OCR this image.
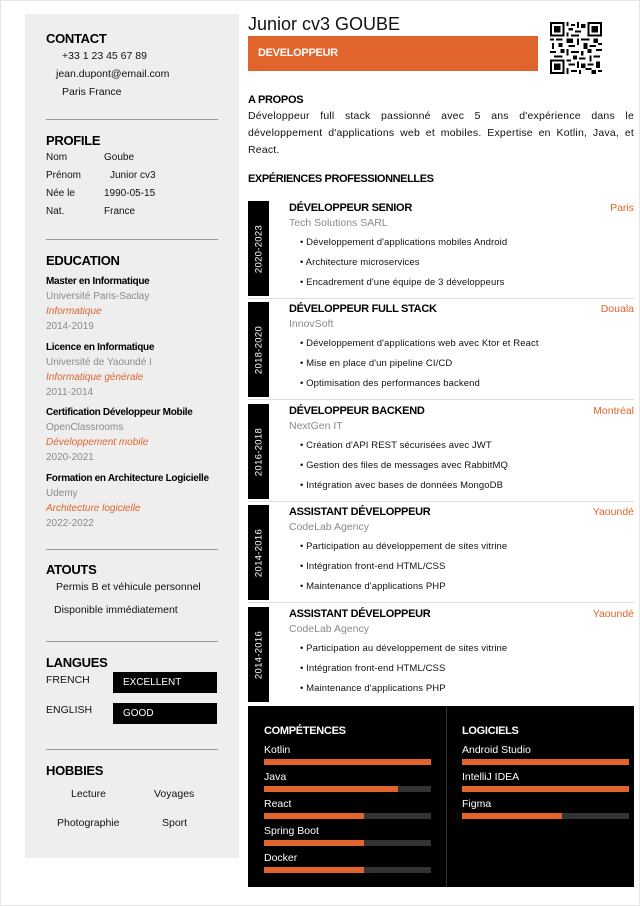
CONTACT
+33 1 23 45 67 89
jean.dupont@email.com
Paris France
PROFILE
Nom	Goube
Prénom	Junior cv3
Née le	1990-05-15
Nat.	France
EDUCATION
Master en Informatique
Université Paris-Saclay
Informatique
2014-2019
Licence en Informatique
Université de Yaoundé I
Informatique générale
2011-2014
Certification Développeur Mobile
OpenClassrooms
Développement mobile
2020-2021
Formation en Architecture Logicielle
Udemy
Architecture logicielle
2022-2022
ATOUTS
Permis B et véhicule personnel
Disponible immédiatement
LANGUES
FRENCH	EXCELLENT
ENGLISH	GOOD
HOBBIES
Lecture	Voyages
Photographie	Sport
Junior cv3 GOUBE
DEVELOPPEUR
A PROPOS
Développeur full stack passionné avec 5 ans d'expérience dans le développement d'applications web et mobiles. Expertise en Kotlin, Java, et React.
EXPÉRIENCES PROFESSIONNELLES
2020-2023
DÉVELOPPEUR SENIOR	Paris
Tech Solutions SARL
• Développement d'applications mobiles Android
• Architecture microservices
• Encadrement d'une équipe de 3 développeurs
2018-2020
DÉVELOPPEUR FULL STACK	Douala
InnovSoft
• Développement d'applications web avec Ktor et React
• Mise en place d'un pipeline CI/CD
• Optimisation des performances backend
2016-2018
DÉVELOPPEUR BACKEND	Montréal
NextGen IT
• Création d'API REST sécurisées avec JWT
• Gestion des files de messages avec RabbitMQ
• Intégration avec bases de données MongoDB
2014-2016
ASSISTANT DÉVELOPPEUR	Yaoundé
CodeLab Agency
• Participation au développement de sites vitrine
• Intégration front-end HTML/CSS
• Maintenance d'applications PHP
2014-2016
ASSISTANT DÉVELOPPEUR	Yaoundé
CodeLab Agency
• Participation au développement de sites vitrine
• Intégration front-end HTML/CSS
• Maintenance d'applications PHP
COMPÉTENCES	LOGICIELS
Kotlin
Java
React
Spring Boot
Docker
Android Studio
IntelliJ IDEA
Figma
